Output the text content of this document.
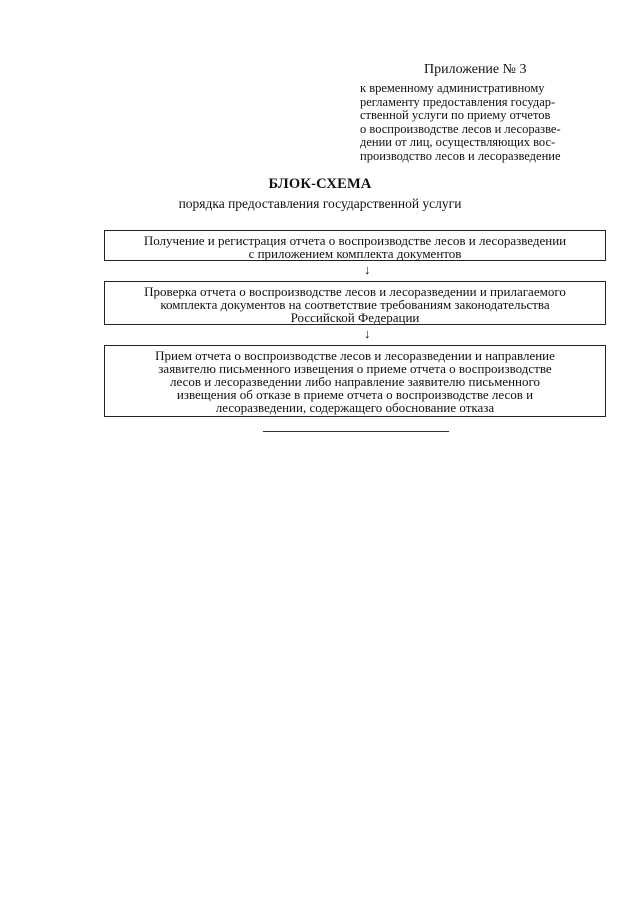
Приложение № 3
к временному административному
регламенту предоставления государ-
ственной услуги по приему отчетов
о воспроизводстве лесов и лесоразве-
дении от лиц, осуществляющих вос-
производство лесов и лесоразведение
БЛОК-СХЕМА
порядка предоставления государственной услуги
Получение и регистрация отчета о воспроизводстве лесов и лесоразведении
с приложением комплекта документов
↓
Проверка отчета о воспроизводстве лесов и лесоразведении и прилагаемого
комплекта документов на соответствие требованиям законодательства
Российской Федерации
↓
Прием отчета о воспроизводстве лесов и лесоразведении и направление
заявителю письменного извещения о приеме отчета о воспроизводстве
лесов и лесоразведении либо направление заявителю письменного
извещения об отказе в приеме отчета о воспроизводстве лесов и
лесоразведении, содержащего обоснование отказа
